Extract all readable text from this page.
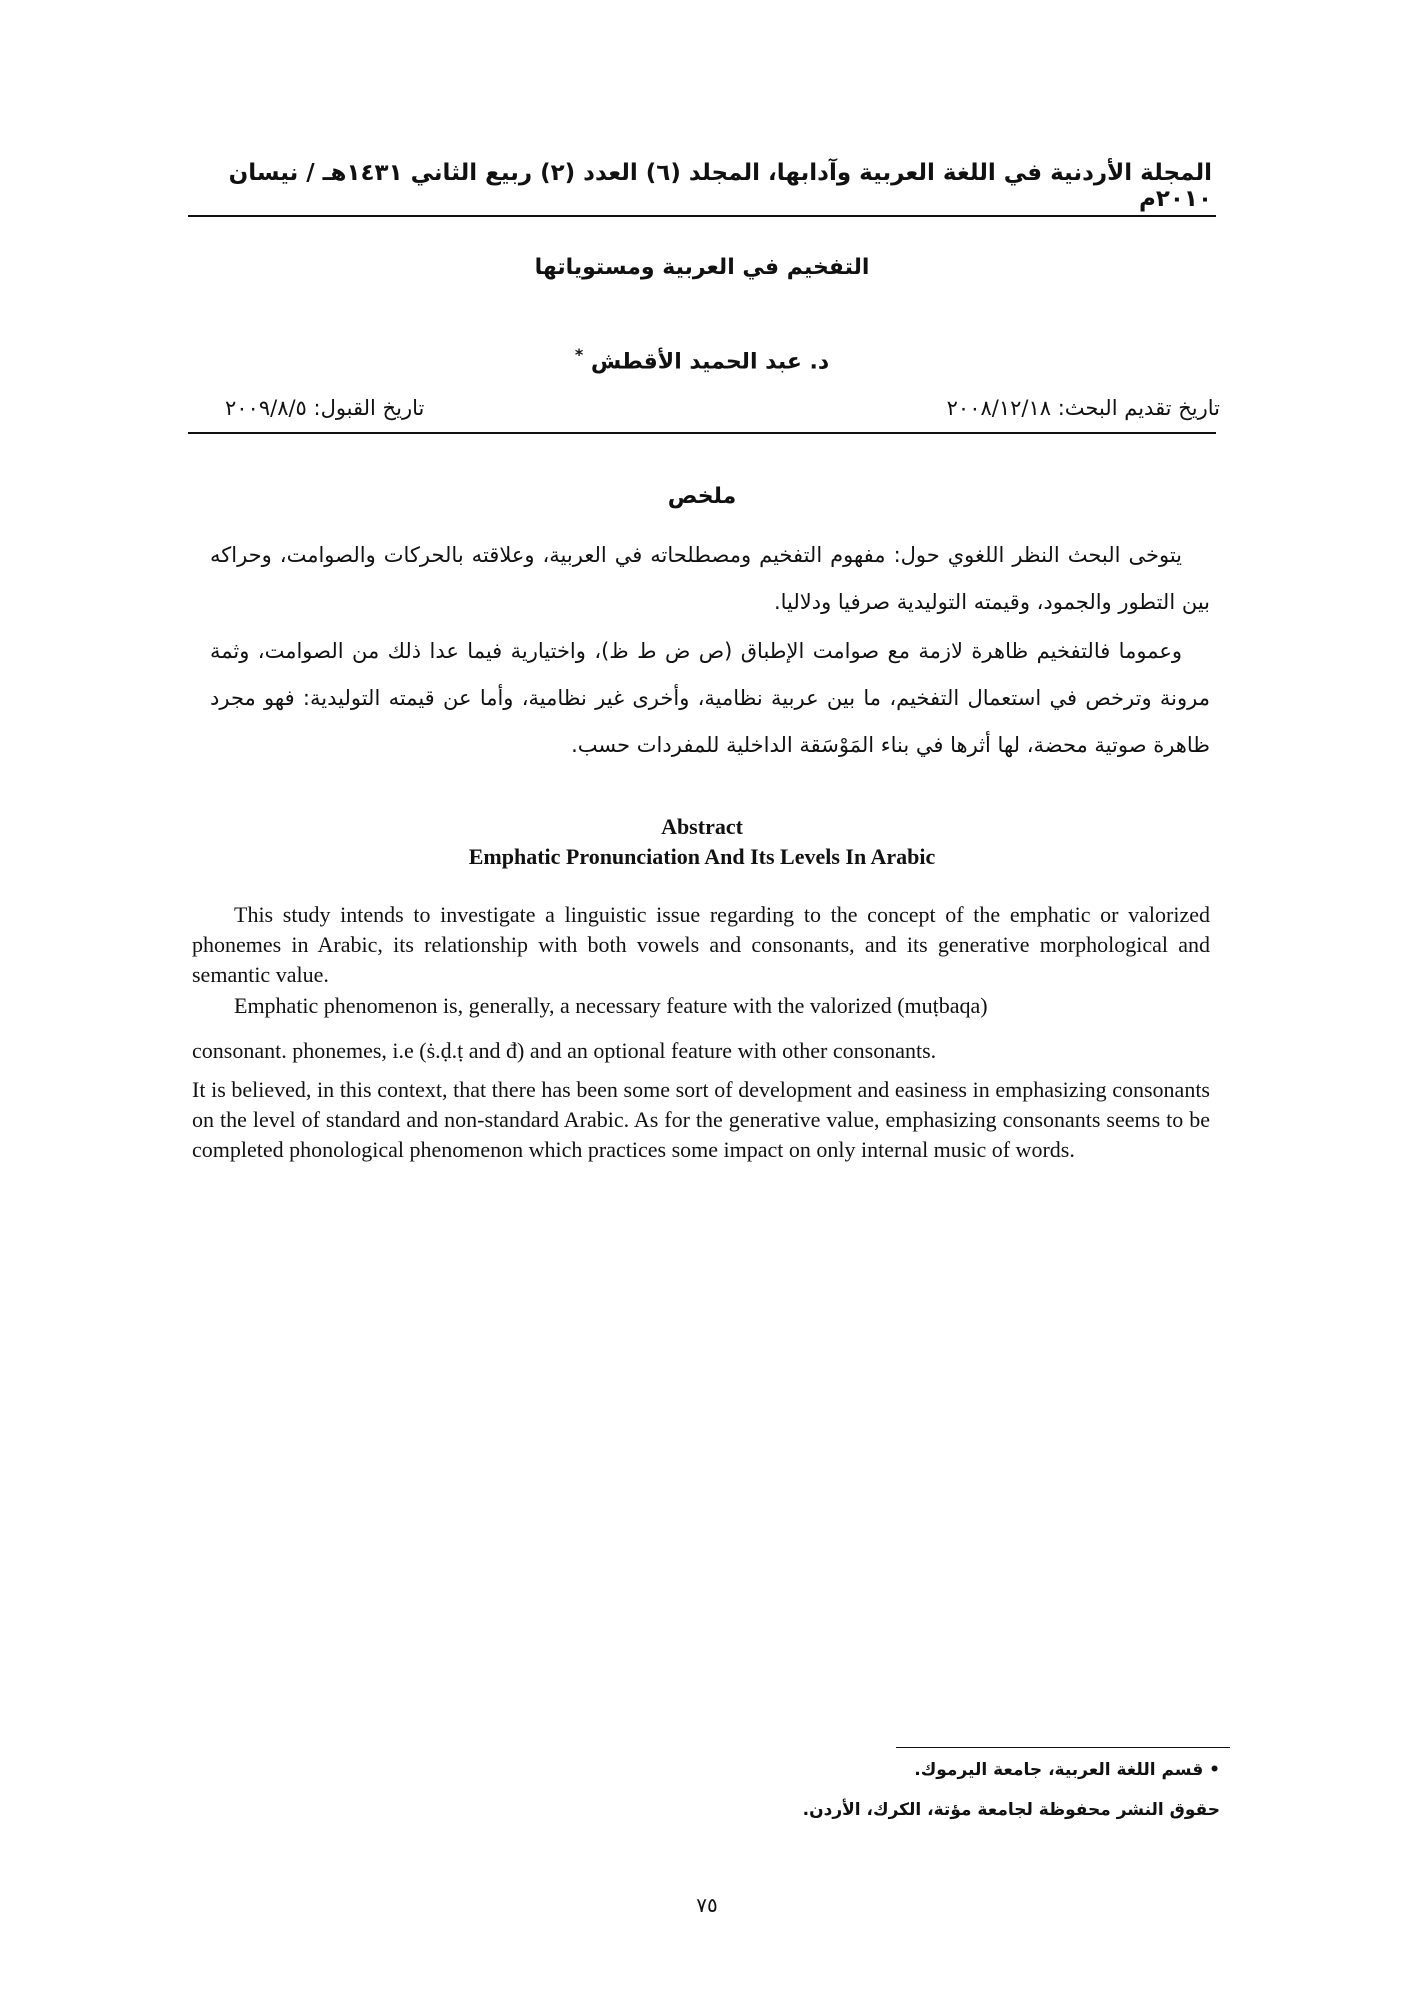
المجلة الأردنية في اللغة العربية وآدابها، المجلد (٦) العدد (٢) ربيع الثاني ١٤٣١هـ / نيسان ٢٠١٠م
التفخيم في العربية ومستوياتها
د. عبد الحميد الأقطش *
تاريخ تقديم البحث: ٢٠٠٨/١٢/١٨
تاريخ القبول: ٢٠٠٩/٨/٥
ملخص
يتوخى البحث النظر اللغوي حول: مفهوم التفخيم ومصطلحاته في العربية، وعلاقته بالحركات والصوامت، وحراكه بين التطور والجمود، وقيمته التوليدية صرفيا ودلاليا.
وعموما فالتفخيم ظاهرة لازمة مع صوامت الإطباق (ص ض ط ظ)، واختيارية فيما عدا ذلك من الصوامت، وثمة مرونة وترخص في استعمال التفخيم، ما بين عربية نظامية، وأخرى غير نظامية، وأما عن قيمته التوليدية: فهو مجرد ظاهرة صوتية محضة، لها أثرها في بناء المَوْسَقة الداخلية للمفردات حسب.
Abstract
Emphatic Pronunciation And Its Levels In Arabic
This study intends to investigate a linguistic issue regarding to the concept of the emphatic or valorized phonemes in Arabic, its relationship with both vowels and consonants, and its generative morphological and semantic value.
Emphatic phenomenon is, generally, a necessary feature with the valorized (muṭbaqa)
consonant. phonemes, i.e (ṡ.ḍ.ṭ and đ) and an optional feature with other consonants.
It is believed, in this context, that there has been some sort of development and easiness in emphasizing consonants on the level of standard and non-standard Arabic. As for the generative value, emphasizing consonants seems to be completed phonological phenomenon which practices some impact on only internal music of words.
• قسم اللغة العربية، جامعة اليرموك.
حقوق النشر محفوظة لجامعة مؤتة، الكرك، الأردن.
٧٥
